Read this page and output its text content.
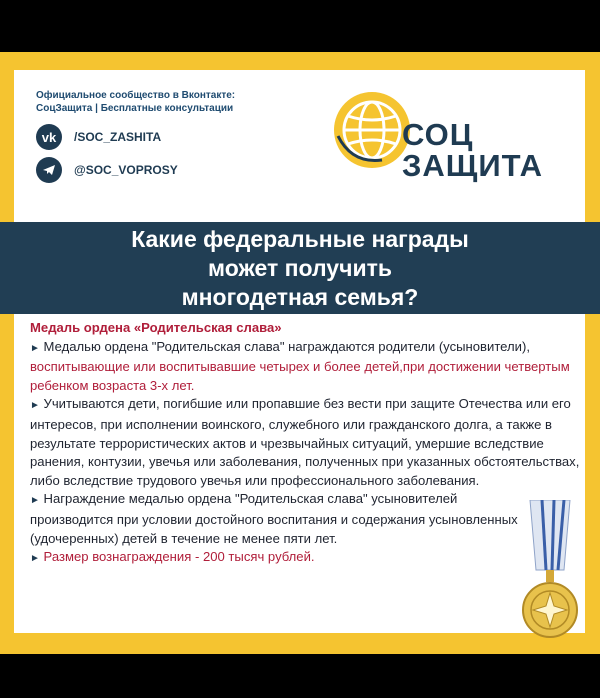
Официальное сообщество в Вконтакте:
СоцЗащита | Бесплатные консультации
vk	/SOC_ZASHITA
@SOC_VOPROSY
СОЦ
ЗАЩИТА
Какие федеральные награды
может получить
многодетная семья?

Медаль ордена «Родительская слава»

► Медалью ордена "Родительская слава" награждаются родители (усыновители), воспитывающие или воспитывавшие четырех и более детей,при достижении четвертым ребенком возраста 3-х лет.

► Учитываются дети, погибшие или пропавшие без вести при защите Отечества или его интересов, при исполнении воинского, служебного или гражданского долга, а также в результате террористических актов и чрезвычайных ситуаций, умершие вследствие ранения, контузии, увечья или заболевания, полученных при указанных обстоятельствах, либо вследствие трудового увечья или профессионального заболевания.

► Награждение медалью ордена "Родительская слава" усыновителей производится при условии достойного воспитания и содержания усыновленных (удочеренных) детей в течение не менее пяти лет.

► Размер вознаграждения - 200 тысяч рублей.
